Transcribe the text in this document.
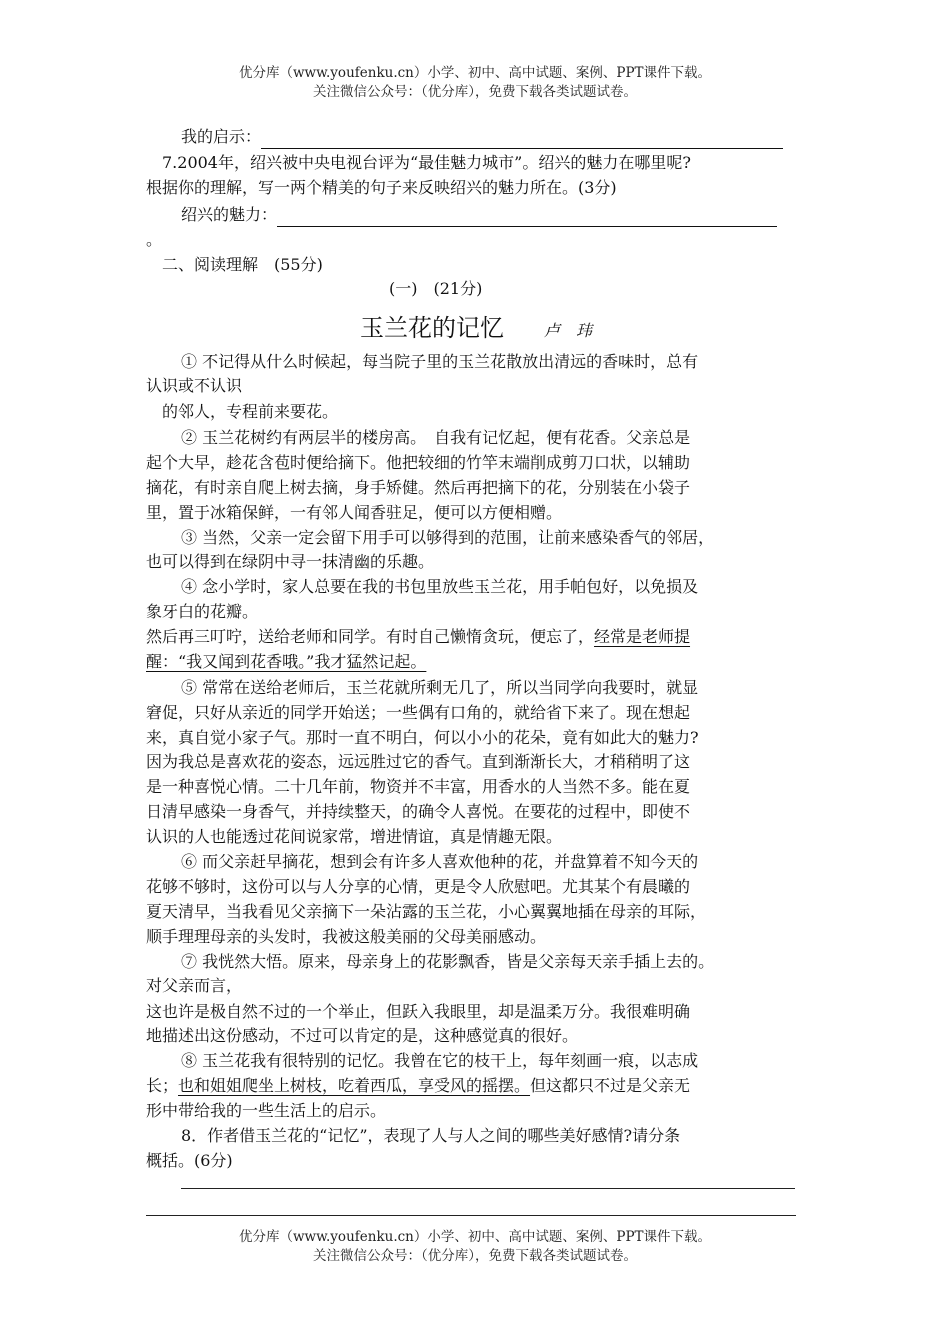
优分库（www.youfenku.cn）小学、初中、高中试题、案例、PPT课件下载。
关注微信公众号：（优分库），免费下载各类试题试卷。
我的启示：
7.2004年，绍兴被中央电视台评为“最佳魅力城市”。绍兴的魅力在哪里呢?
根据你的理解，写一两个精美的句子来反映绍兴的魅力所在。(3分)
绍兴的魅力：
。
二、阅读理解　(55分)
(一)　(21分)
玉兰花的记忆	卢　玮
① 不记得从什么时候起，每当院子里的玉兰花散放出清远的香味时，总有
认识或不认识
的邻人，专程前来要花。
② 玉兰花树约有两层半的楼房高。　自我有记忆起，便有花香。父亲总是
起个大早，趁花含苞时便给摘下。他把较细的竹竿末端削成剪刀口状，以辅助
摘花，有时亲自爬上树去摘，身手矫健。然后再把摘下的花，分别装在小袋子
里，置于冰箱保鲜，一有邻人闻香驻足，便可以方便相赠。
③ 当然，父亲一定会留下用手可以够得到的范围，让前来感染香气的邻居，
也可以得到在绿阴中寻一抹清幽的乐趣。
④ 念小学时，家人总要在我的书包里放些玉兰花，用手帕包好，以免损及
象牙白的花瓣。
然后再三叮咛，送给老师和同学。有时自己懒惰贪玩，便忘了，经常是老师提
醒：“我又闻到花香哦。”我才猛然记起。
⑤ 常常在送给老师后，玉兰花就所剩无几了，所以当同学向我要时，就显
窘促，只好从亲近的同学开始送；一些偶有口角的，就给省下来了。现在想起
来，真自觉小家子气。那时一直不明白，何以小小的花朵，竟有如此大的魅力?
因为我总是喜欢花的姿态，远远胜过它的香气。直到渐渐长大，才稍稍明了这
是一种喜悦心情。二十几年前，物资并不丰富，用香水的人当然不多。能在夏
日清早感染一身香气，并持续整天，的确令人喜悦。在要花的过程中，即使不
认识的人也能透过花间说家常，增进情谊，真是情趣无限。
⑥ 而父亲赶早摘花，想到会有许多人喜欢他种的花，并盘算着不知今天的
花够不够时，这份可以与人分享的心情，更是令人欣慰吧。尤其某个有晨曦的
夏天清早，当我看见父亲摘下一朵沾露的玉兰花，小心翼翼地插在母亲的耳际，
顺手理理母亲的头发时，我被这般美丽的父母美丽感动。
⑦ 我恍然大悟。原来，母亲身上的花影飘香，皆是父亲每天亲手插上去的。
对父亲而言，
这也许是极自然不过的一个举止，但跃入我眼里，却是温柔万分。我很难明确
地描述出这份感动，不过可以肯定的是，这种感觉真的很好。
⑧ 玉兰花我有很特别的记忆。我曾在它的枝干上，每年刻画一痕，以志成
长；也和姐姐爬坐上树枝，吃着西瓜，享受风的摇摆。但这都只不过是父亲无
形中带给我的一些生活上的启示。
8．作者借玉兰花的“记忆”，表现了人与人之间的哪些美好感情?请分条
概括。(6分)
优分库（www.youfenku.cn）小学、初中、高中试题、案例、PPT课件下载。
关注微信公众号：（优分库），免费下载各类试题试卷。
